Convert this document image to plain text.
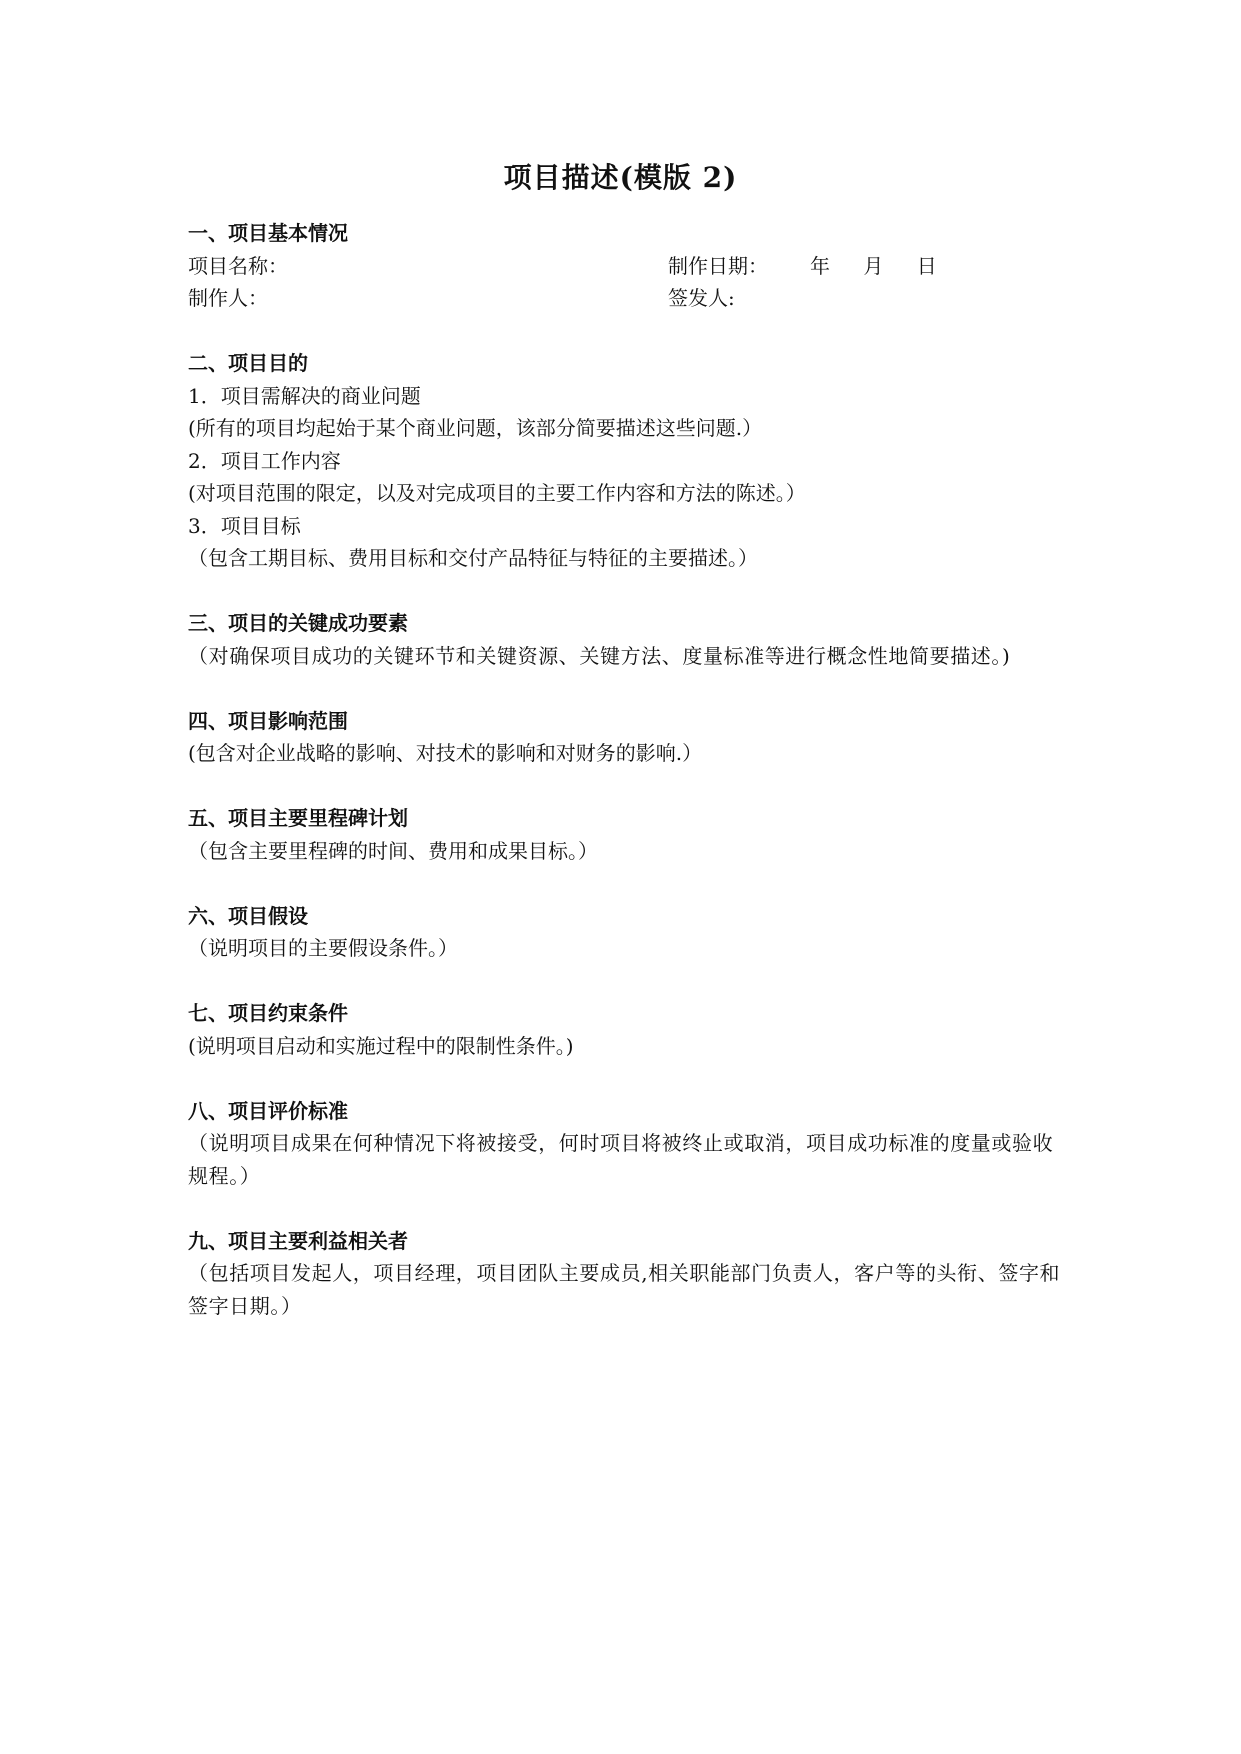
项目描述(模版 2)
一、项目基本情况
项目名称：	制作日期： 年 月 日
制作人：	签发人:
二、项目目的
1．项目需解决的商业问题
(所有的项目均起始于某个商业问题，该部分简要描述这些问题.）
2．项目工作内容
(对项目范围的限定，以及对完成项目的主要工作内容和方法的陈述。）
3．项目目标
（包含工期目标、费用目标和交付产品特征与特征的主要描述。）
三、项目的关键成功要素
（对确保项目成功的关键环节和关键资源、关键方法、度量标准等进行概念性地简要描述。)
四、项目影响范围
(包含对企业战略的影响、对技术的影响和对财务的影响.）
五、项目主要里程碑计划
（包含主要里程碑的时间、费用和成果目标。）
六、项目假设
（说明项目的主要假设条件。）
七、项目约束条件
(说明项目启动和实施过程中的限制性条件。)
八、项目评价标准
（说明项目成果在何种情况下将被接受，何时项目将被终止或取消，项目成功标准的度量或验收规程。）
九、项目主要利益相关者
（包括项目发起人，项目经理，项目团队主要成员,相关职能部门负责人，客户等的头衔、签字和签字日期。）
